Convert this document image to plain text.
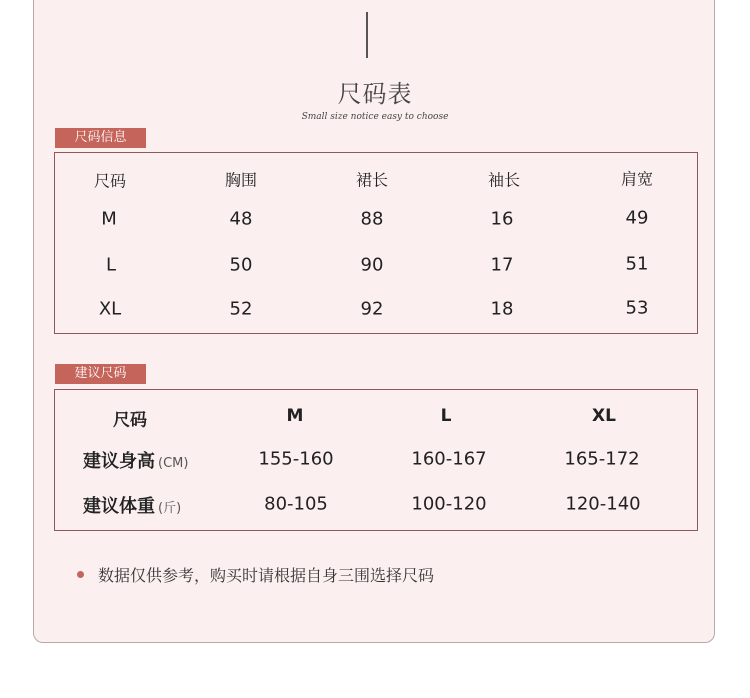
尺码表
Small size notice easy to choose
尺码信息
尺码	胸围	裙长	袖长	肩宽
M	48	88	16	49
L	50	90	17	51
XL	52	92	18	53
建议尺码
尺码	M	L	XL
建议身高 (CM)	155-160	160-167	165-172
建议体重 (斤)	80-105	100-120	120-140
数据仅供参考，购买时请根据自身三围选择尺码
